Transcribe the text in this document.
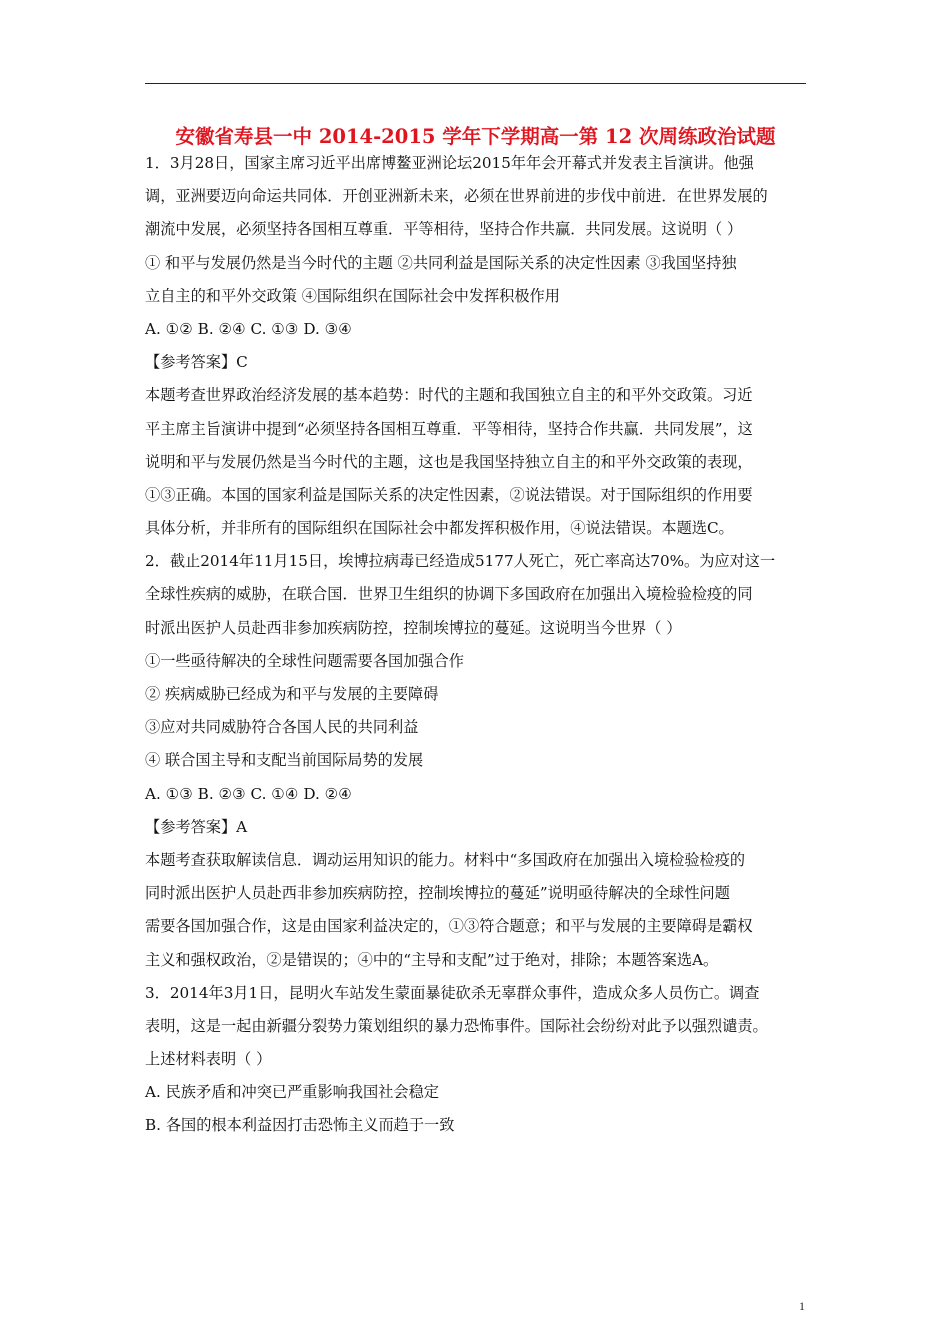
安徽省寿县一中 2014-2015 学年下学期高一第 12 次周练政治试题
1．3月28日，国家主席习近平出席博鳌亚洲论坛2015年年会开幕式并发表主旨演讲。他强
调，亚洲要迈向命运共同体．开创亚洲新未来，必须在世界前进的步伐中前进．在世界发展的
潮流中发展，必须坚持各国相互尊重．平等相待，坚持合作共赢．共同发展。这说明（ ）
① 和平与发展仍然是当今时代的主题 ②共同利益是国际关系的决定性因素 ③我国坚持独
立自主的和平外交政策 ④国际组织在国际社会中发挥积极作用
A. ①② B. ②④ C. ①③ D. ③④
【参考答案】C
本题考查世界政治经济发展的基本趋势：时代的主题和我国独立自主的和平外交政策。习近
平主席主旨演讲中提到“必须坚持各国相互尊重．平等相待，坚持合作共赢．共同发展”，这
说明和平与发展仍然是当今时代的主题，这也是我国坚持独立自主的和平外交政策的表现，
①③正确。本国的国家利益是国际关系的决定性因素，②说法错误。对于国际组织的作用要
具体分析，并非所有的国际组织在国际社会中都发挥积极作用，④说法错误。本题选C。
2．截止2014年11月15日，埃博拉病毒已经造成5177人死亡，死亡率高达70%。为应对这一
全球性疾病的威胁，在联合国．世界卫生组织的协调下多国政府在加强出入境检验检疫的同
时派出医护人员赴西非参加疾病防控，控制埃博拉的蔓延。这说明当今世界（ ）
①一些亟待解决的全球性问题需要各国加强合作
② 疾病威胁已经成为和平与发展的主要障碍
③应对共同威胁符合各国人民的共同利益
④ 联合国主导和支配当前国际局势的发展
A. ①③ B. ②③ C. ①④ D. ②④
【参考答案】A
本题考查获取解读信息．调动运用知识的能力。材料中“多国政府在加强出入境检验检疫的
同时派出医护人员赴西非参加疾病防控，控制埃博拉的蔓延”说明亟待解决的全球性问题
需要各国加强合作，这是由国家利益决定的，①③符合题意；和平与发展的主要障碍是霸权
主义和强权政治，②是错误的；④中的“主导和支配”过于绝对，排除；本题答案选A。
3．2014年3月1日，昆明火车站发生蒙面暴徒砍杀无辜群众事件，造成众多人员伤亡。调查
表明，这是一起由新疆分裂势力策划组织的暴力恐怖事件。国际社会纷纷对此予以强烈谴责。
上述材料表明（ ）
A. 民族矛盾和冲突已严重影响我国社会稳定
B. 各国的根本利益因打击恐怖主义而趋于一致
1
